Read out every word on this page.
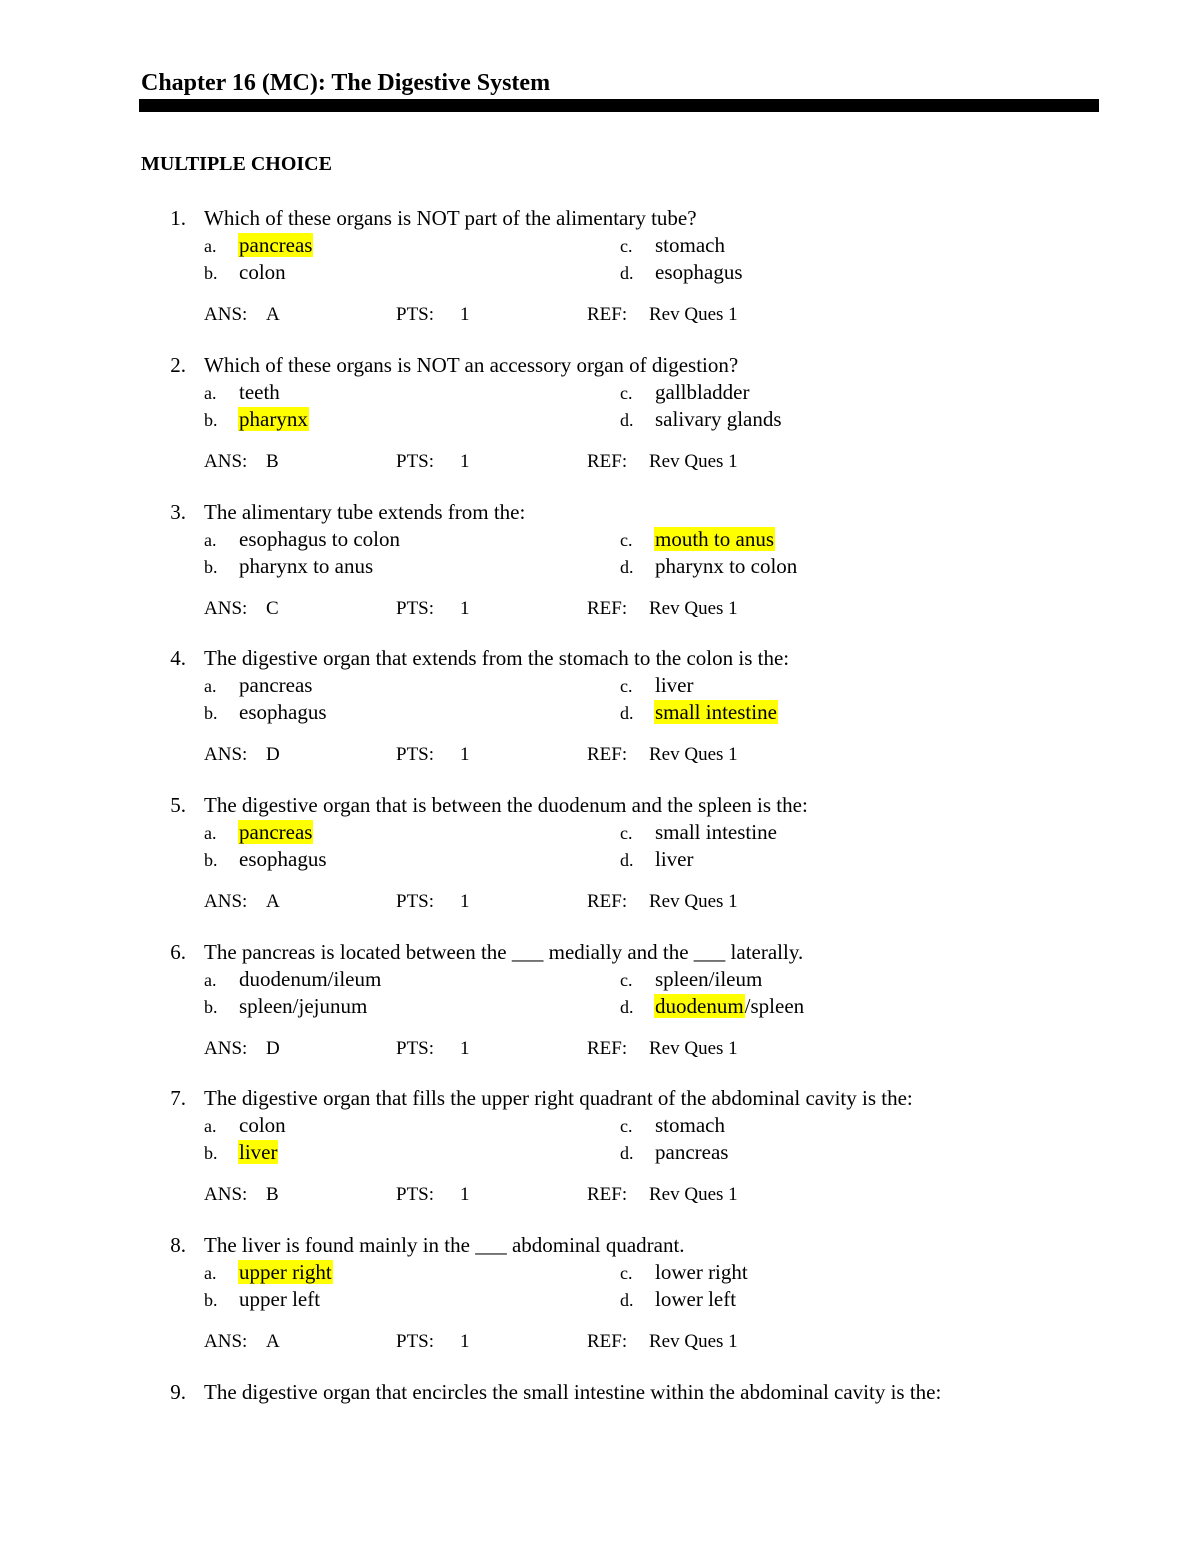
Chapter 16 (MC): The Digestive System
MULTIPLE CHOICE
1. Which of these organs is NOT part of the alimentary tube?
a. pancreas	c. stomach
b. colon	d. esophagus
ANS: A	PTS: 1	REF: Rev Ques 1
2. Which of these organs is NOT an accessory organ of digestion?
a. teeth	c. gallbladder
b. pharynx	d. salivary glands
ANS: B	PTS: 1	REF: Rev Ques 1
3. The alimentary tube extends from the:
a. esophagus to colon	c. mouth to anus
b. pharynx to anus	d. pharynx to colon
ANS: C	PTS: 1	REF: Rev Ques 1
4. The digestive organ that extends from the stomach to the colon is the:
a. pancreas	c. liver
b. esophagus	d. small intestine
ANS: D	PTS: 1	REF: Rev Ques 1
5. The digestive organ that is between the duodenum and the spleen is the:
a. pancreas	c. small intestine
b. esophagus	d. liver
ANS: A	PTS: 1	REF: Rev Ques 1
6. The pancreas is located between the ___ medially and the ___ laterally.
a. duodenum/ileum	c. spleen/ileum
b. spleen/jejunum	d. duodenum/spleen
ANS: D	PTS: 1	REF: Rev Ques 1
7. The digestive organ that fills the upper right quadrant of the abdominal cavity is the:
a. colon	c. stomach
b. liver	d. pancreas
ANS: B	PTS: 1	REF: Rev Ques 1
8. The liver is found mainly in the ___ abdominal quadrant.
a. upper right	c. lower right
b. upper left	d. lower left
ANS: A	PTS: 1	REF: Rev Ques 1
9. The digestive organ that encircles the small intestine within the abdominal cavity is the:
